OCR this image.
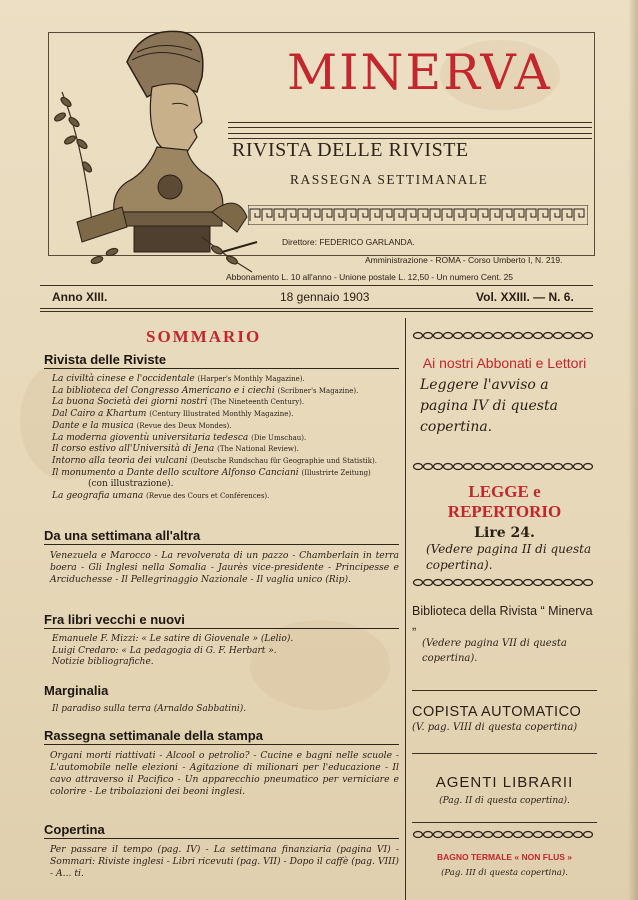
MINERVA
RIVISTA DELLE RIVISTE
RASSEGNA SETTIMANALE
Direttore: FEDERICO GARLANDA.
Amministrazione - ROMA - Corso Umberto I, N. 219.
Abbonamento L. 10 all'anno - Unione postale L. 12,50 - Un numero Cent. 25
Anno XIII.	18 gennaio 1903	Vol. XXIII. — N. 6.
SOMMARIO
Rivista delle Riviste
La civiltà cinese e l'occidentale (Harper's Monthly Magazine).
La biblioteca del Congresso Americano e i ciechi (Scribner's Magazine).
La buona Società dei giorni nostri (The Nineteenth Century).
Dal Cairo a Khartum (Century Illustrated Monthly Magazine).
Dante e la musica (Revue des Deux Mondes).
La moderna gioventù universitaria tedesca (Die Umschau).
Il corso estivo all'Università di Jena (The National Review).
Intorno alla teoria dei vulcani (Deutsche Rundschau für Geographie und Statistik).
Il monumento a Dante dello scultore Alfonso Canciani (Illustrirte Zeitung)
(con illustrazione).
La geografia umana (Revue des Cours et Conférences).
Da una settimana all'altra
Venezuela e Marocco - La revolverata di un pazzo - Chamberlain in terra boera - Gli Inglesi nella Somalia - Jaurès vice-presidente - Principesse e Arciduchesse - Il Pellegrinaggio Nazionale - Il vaglia unico (Rip).
Fra libri vecchi e nuovi
Emanuele F. Mizzi: « Le satire di Giovenale » (Lelio).
Luigi Credaro: « La pedagogia di G. F. Herbart ».
Notizie bibliografiche.
Marginalia
Il paradiso sulla terra (Arnaldo Sabbatini).
Rassegna settimanale della stampa
Organi morti riattivati - Alcool o petrolio? - Cucine e bagni nelle scuole - L'automobile nelle elezioni - Agitazione di milionari per l'educazione - Il cavo attraverso il Pacifico - Un apparecchio pneumatico per verniciare e colorire - Le tribolazioni dei beoni inglesi.
Copertina
Per passare il tempo (pag. IV) - La settimana finanziaria (pagina VI) - Sommari: Riviste inglesi - Libri ricevuti (pag. VII) - Dopo il caffè (pag. VIII) - A... ti.
Ai nostri Abbonati e Lettori
Leggere l'avviso a pagina IV di questa copertina.
LEGGE e REPERTORIO
Lire 24.
(Vedere pagina II di questa copertina).
Biblioteca della Rivista “ Minerva „
(Vedere pagina VII di questa copertina).
COPISTA AUTOMATICO
(V. pag. VIII di questa copertina)
AGENTI LIBRARII
(Pag. II di questa copertina).
BAGNO TERMALE « NON FLUS »
(Pag. III di questa copertina).
